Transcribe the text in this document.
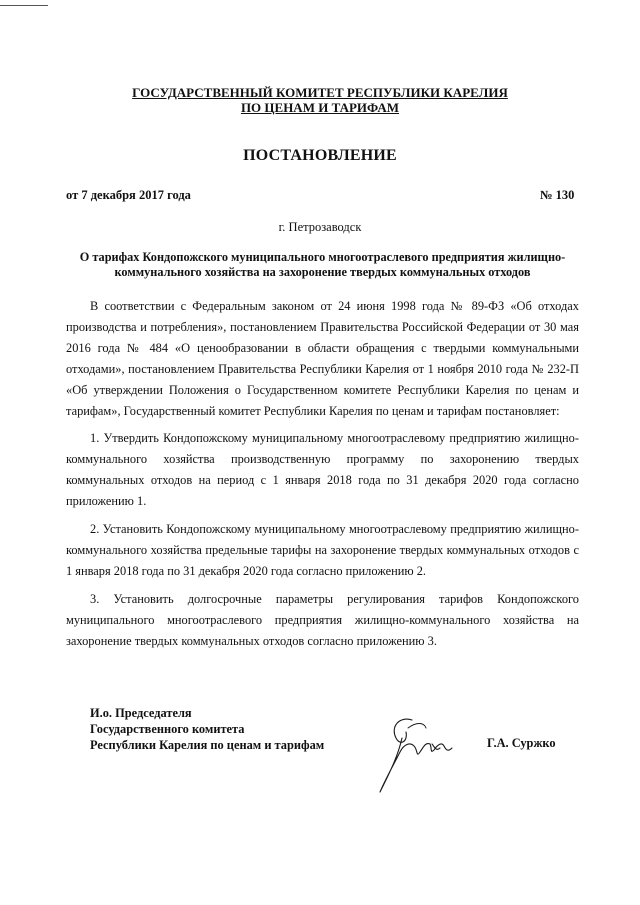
ГОСУДАРСТВЕННЫЙ КОМИТЕТ РЕСПУБЛИКИ КАРЕЛИЯ
ПО ЦЕНАМ И ТАРИФАМ
ПОСТАНОВЛЕНИЕ
от 7 декабря 2017 года	№ 130
г. Петрозаводск
О тарифах Кондопожского муниципального многоотраслевого предприятия жилищно-коммунального хозяйства на захоронение твердых коммунальных отходов

В соответствии с Федеральным законом от 24 июня 1998 года № 89-ФЗ «Об отходах производства и потребления», постановлением Правительства Российской Федерации от 30 мая 2016 года № 484 «О ценообразовании в области обращения с твердыми коммунальными отходами», постановлением Правительства Республики Карелия от 1 ноября 2010 года № 232-П «Об утверждении Положения о Государственном комитете Республики Карелия по ценам и тарифам», Государственный комитет Республики Карелия по ценам и тарифам постановляет:

1. Утвердить Кондопожскому муниципальному многоотраслевому предприятию жилищно-коммунального хозяйства производственную программу по захоронению твердых коммунальных отходов на период с 1 января 2018 года по 31 декабря 2020 года согласно приложению 1.

2. Установить Кондопожскому муниципальному многоотраслевому предприятию жилищно-коммунального хозяйства предельные тарифы на захоронение твердых коммунальных отходов с 1 января 2018 года по 31 декабря 2020 года согласно приложению 2.

3. Установить долгосрочные параметры регулирования тарифов Кондопожского муниципального многоотраслевого предприятия жилищно-коммунального хозяйства на захоронение твердых коммунальных отходов согласно приложению 3.

И.о. Председателя
Государственного комитета
Республики Карелия по ценам и тарифам	Г.А. Суржко
